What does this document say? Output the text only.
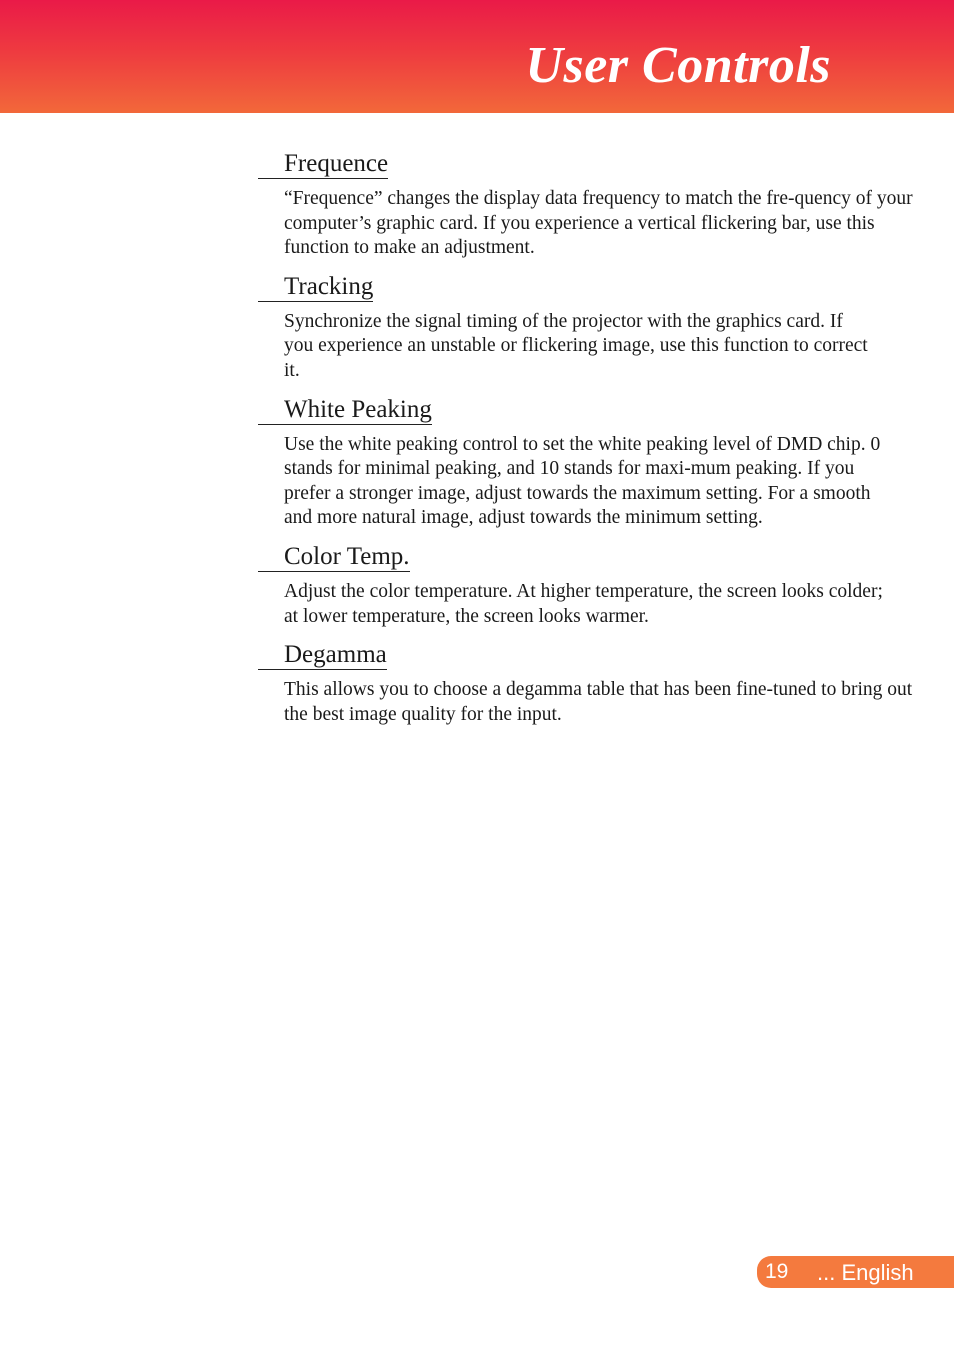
User Controls
Frequence

“Frequence” changes the display data frequency to match the fre-quency of your computer’s graphic card. If you experience a vertical flickering bar, use this function to make an adjustment.

Tracking

Synchronize the signal timing of the projector with the graphics card. If you experience an unstable or flickering image, use this function to correct it.

White Peaking

Use the white peaking control to set the white peaking level of DMD chip. 0 stands for minimal peaking, and 10 stands for maxi-mum peaking. If you prefer a stronger image, adjust towards the maximum setting. For a smooth and more natural image, adjust towards the minimum setting.

Color Temp.

Adjust the color temperature. At higher temperature, the screen looks colder; at lower temperature, the screen looks warmer.

Degamma

This allows you to choose a degamma table that has been fine-tuned to bring out the best image quality for the input.

19 ... English
